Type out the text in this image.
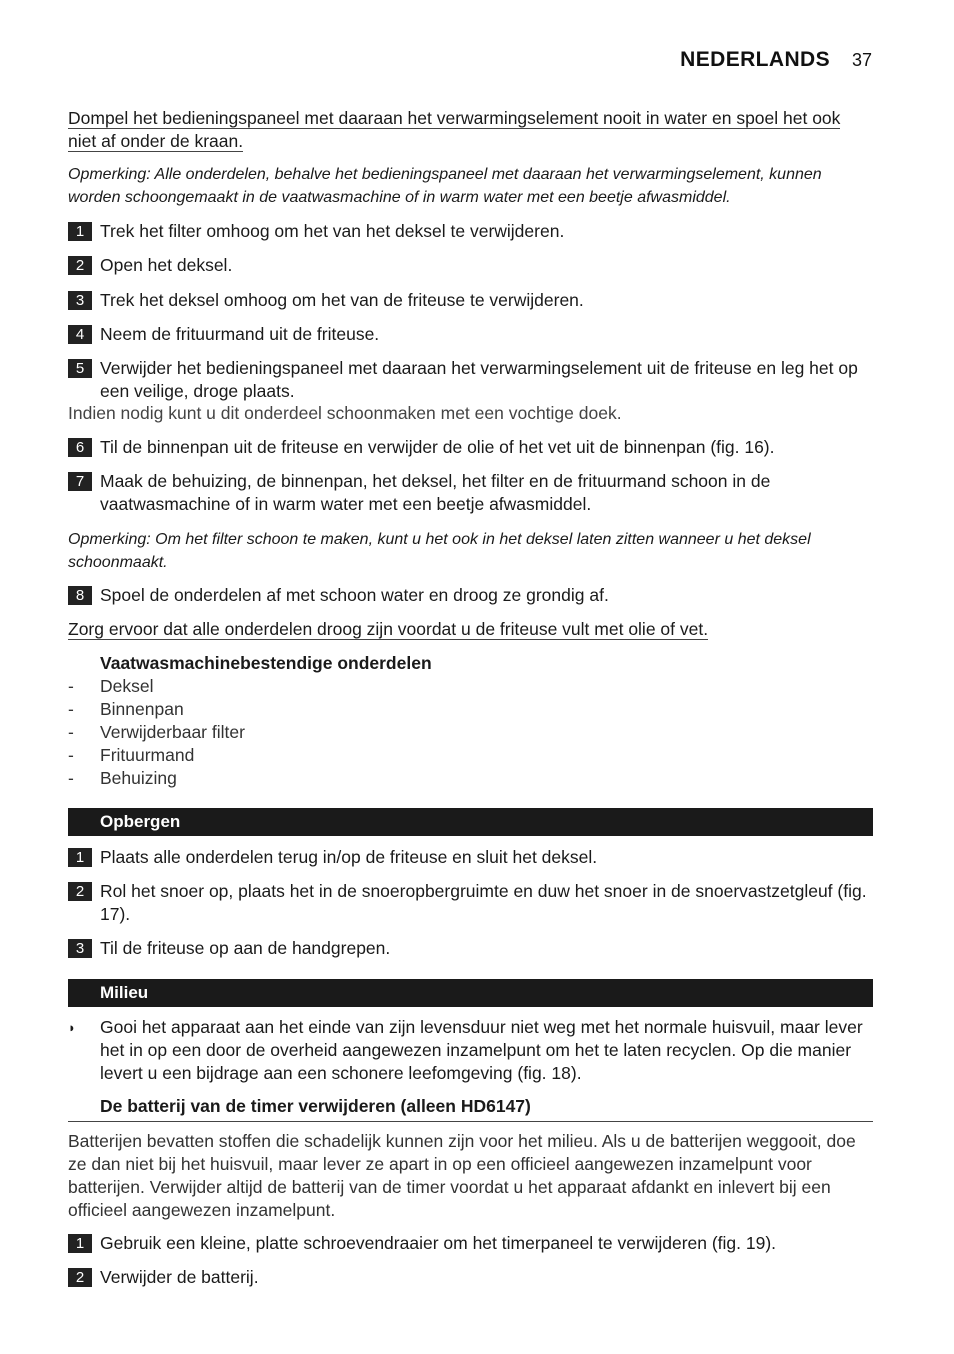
NEDERLANDS 37
Dompel het bedieningspaneel met daaraan het verwarmingselement nooit in water en spoel het ook niet af onder de kraan.
Opmerking: Alle onderdelen, behalve het bedieningspaneel met daaraan het verwarmingselement, kunnen worden schoongemaakt in de vaatwasmachine of in warm water met een beetje afwasmiddel.
1 Trek het filter omhoog om het van het deksel te verwijderen.
2 Open het deksel.
3 Trek het deksel omhoog om het van de friteuse te verwijderen.
4 Neem de frituurmand uit de friteuse.
5 Verwijder het bedieningspaneel met daaraan het verwarmingselement uit de friteuse en leg het op een veilige, droge plaats.
Indien nodig kunt u dit onderdeel schoonmaken met een vochtige doek.
6 Til de binnenpan uit de friteuse en verwijder de olie of het vet uit de binnenpan (fig. 16).
7 Maak de behuizing, de binnenpan, het deksel, het filter en de frituurmand schoon in de vaatwasmachine of in warm water met een beetje afwasmiddel.
Opmerking: Om het filter schoon te maken, kunt u het ook in het deksel laten zitten wanneer u het deksel schoonmaakt.
8 Spoel de onderdelen af met schoon water en droog ze grondig af.
Zorg ervoor dat alle onderdelen droog zijn voordat u de friteuse vult met olie of vet.
Vaatwasmachinebestendige onderdelen
- Deksel
- Binnenpan
- Verwijderbaar filter
- Frituurmand
- Behuizing
Opbergen
1 Plaats alle onderdelen terug in/op de friteuse en sluit het deksel.
2 Rol het snoer op, plaats het in de snoeropbergruimte en duw het snoer in de snoervastzetgleuf (fig. 17).
3 Til de friteuse op aan de handgrepen.
Milieu
◗ Gooi het apparaat aan het einde van zijn levensduur niet weg met het normale huisvuil, maar lever het in op een door de overheid aangewezen inzamelpunt om het te laten recyclen. Op die manier levert u een bijdrage aan een schonere leefomgeving (fig. 18).
De batterij van de timer verwijderen (alleen HD6147)
Batterijen bevatten stoffen die schadelijk kunnen zijn voor het milieu. Als u de batterijen weggooit, doe ze dan niet bij het huisvuil, maar lever ze apart in op een officieel aangewezen inzamelpunt voor batterijen. Verwijder altijd de batterij van de timer voordat u het apparaat afdankt en inlevert bij een officieel aangewezen inzamelpunt.
1 Gebruik een kleine, platte schroevendraaier om het timerpaneel te verwijderen (fig. 19).
2 Verwijder de batterij.
